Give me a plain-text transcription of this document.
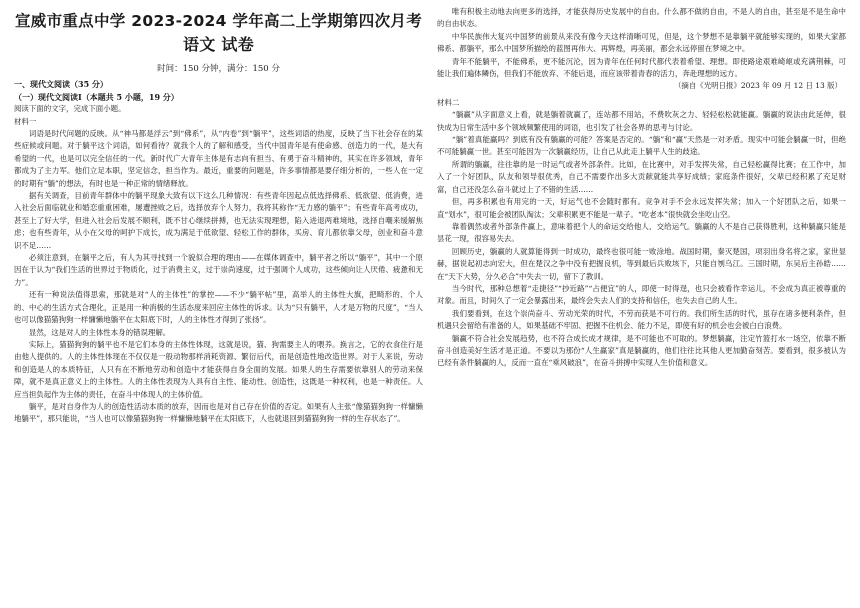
宣威市重点中学 2023-2024 学年高二上学期第四次月考
语文 试卷
时间：150 分钟，满分：150 分
一、现代文阅读（35 分）
（一）现代文阅读Ⅰ（本题共 5 小题，19 分）
阅读下面的文字，完成下面小题。
材料一
词语是时代问题的反映。从“神马都是浮云”到“佛系”，从“内卷”到“躺平”，这些词语的热度，反映了当下社会存在的某些症候或问题。对于躺平这个词语，如何看待？就我个人的了解和感受，当代中国青年是有使命感、创造力的一代，是大有希望的一代，也是可以完全信任的一代。新时代广大青年主体是有志向有担当、有勇于奋斗精神的，其实在许多领域，青年都成为了主力军。他们立足本职，坚定信念，担当作为。最近，重要的问题是，许多事情都是要仔细分析的，一些人在一定的时期有“躺”的想法，有时也是一种正常的情绪释放。
据有关调查，目前青年群体中的躺平现象大致有以下这么几种情况：有些青年因起点低选择佛系、低欲望、低消费，进入社会后面临就业和婚恋重重困难，屡遭挫败之后，选择放弃个人努力，我将其称作“无力感的躺平”；有些青年高考成功，甚至上了好大学，但进入社会后发展不顺利，既不甘心继续拼搏，也无法实现理想，陷入进退两难境地，选择自嘲来缓解焦虑；也有些青年，从小在父母的呵护下成长，成为满足于低欲望、轻松工作的群体，买房、育儿都依靠父母，创业和奋斗意识不足……
必须注意到，在躺平之后，有人为其寻找到一个貌似合理的理由——在媒体调查中，躺平者之所以“躺平”，其中一个原因在于认为“我们生活的世界过于物质化，过于消费主义，过于崇尚速度，过于强调个人成功，这些倾向让人厌倦、疲惫和无力”。
还有一种说法值得思索，那就是对“人的主体性”的掌控——不少“躺平帖”里，高举人的主体性大旗，把畸形的、个人的、中心的生活方式合理化，正是用一种消极的生活态度来回应主体性的诉求。认为“只有躺平，人才是万物的尺度”，“当人也可以像猫猫狗狗一样慵懒地躺平在太阳底下时，人的主体性才得到了张扬”。
显然，这是对人的主体性本身的错误理解。
实际上，猫猫狗狗的躺平也不是它们本身的主体性体现，这就是说，猫、狗需要主人的喂养。换言之，它的衣食住行是由他人提供的。人的主体性体现在不仅仅是一般动物那样消耗资源、繁衍后代，而是创造性地改造世界。对于人来说，劳动和创造是人的本质特征，人只有在不断地劳动和创造中才能获得自身全面的发展。如果人的生存需要依靠别人的劳动来保障，就不是真正意义上的主体性。人的主体性表现为人具有自主性、能动性、创造性，这既是一种权利，也是一种责任。人应当担负起作为主体的责任，在奋斗中体现人的主体价值。
躺平，是对自身作为人的创造性活动本质的放弃，因而也是对自己存在价值的否定。如果有人主张“像猫猫狗狗一样慵懒地躺平”，那只能说，“当人也可以像猫猫狗狗一样慵懒地躺平在太阳底下，人也就退回到猫猫狗狗一样的生存状态了”。
唯有积极主动地去向更多的选择，才能获得历史发展中的自由。什么都不做的自由，不是人的自由，甚至是不是生命中的自由状态。
中华民族伟大复兴中国梦的前景从来没有像今天这样清晰可见，但是，这个梦想不是靠躺平就能够实现的，如果大家都佛系、都躺平，那么中国梦所描绘的蓝图再伟大、再辉煌，再美丽，都会永远停留在梦境之中。
青年不能躺平，不能佛系，更不能沉沦，因为青年在任何时代都代表着希望、理想。即使路途艰难崎岖或充满荆棘，可能让我们遍体鳞伤，但我们不能放弃、不能后退，而应该带着青春的活力，奔赴理想的远方。
（摘自《光明日报》2023 年 09 月 12 日 13 版）
材料二
“躺赢”从字面意义上看，就是躺着就赢了，连站都不用站，不费吹灰之力、轻轻松松就能赢。躺赢的说法由此延伸，很快成为日常生活中多个领域频繁使用的词语，也引发了社会各界的思考与讨论。
“躺”着真能赢吗？到底有没有躺赢的可能？答案是否定的。“躺”和“赢”天然是一对矛盾。现实中可能会躺赢一时，但绝不可能躺赢一世。甚至可能因为一次躺赢经历，让自己从此走上躺平人生的歧途。
所谓的躺赢，往往靠的是一时运气或者外部条件。比如，在比赛中，对手发挥失常，自己轻松赢得比赛；在工作中，加入了一个好团队，队友和领导很优秀，自己不需要作出多大贡献就能共享好成绩；家庭条件很好，父辈已经积累了充足财富，自己还没怎么奋斗就过上了不错的生活……
但，再多积累也有用完的一天，好运气也不会随时都有。竞争对手不会永远发挥失常；加入一个好团队之后，如果一直“划水”，很可能会被团队淘汰；父辈积累更不能是一辈子。“吃老本”很快就会坐吃山空。
靠着偶然或者外部条件赢上，意味着把个人的命运交给他人、交给运气。躺赢的人不是自己获得胜利，这种躺赢只能是昙花一现，很容易失去。
回顾历史，躺赢的人就算能得到一时成功，最终也很可能一败涂地。战国时期，秦灭楚国，项羽出身名将之家，家世显赫，据说起初志向宏大，但在楚汉之争中没有把握良机，等到最后兵败垓下，只能自刎乌江。三国时期，东吴后主孙皓……在“天下大势，分久必合”中失去一切，留下了教训。
当今时代，那种总想着“走捷径”“抄近路”“占便宜”的人，即使一时得逞，也只会被看作幸运儿，不会成为真正被尊重的对象。而且，时间久了一定会暴露出来，最终会失去人们的支持和信任，也失去自己的人生。
我们要看到，在这个崇尚奋斗、劳动光荣的时代，不劳而获是不可行的。我们所生活的时代，虽存在诸多便利条件，但机遇只会留给有准备的人，如果基础不牢固、把握不住机会、能力不足，即使有好的机会也会被白白浪费。
躺赢不符合社会发展趋势，也不符合成长成才规律，是不可能也不可取的。梦想躺赢，注定竹篮打水一场空，依靠不断奋斗创造美好生活才是正道。不要以为那份“人生赢家”真是躺赢的，他们往往比其他人更加勤奋刻苦。要看到，很多被认为已经有条件躺赢的人，反而一直在“乘风破浪”，在奋斗拼搏中实现人生价值和意义。
